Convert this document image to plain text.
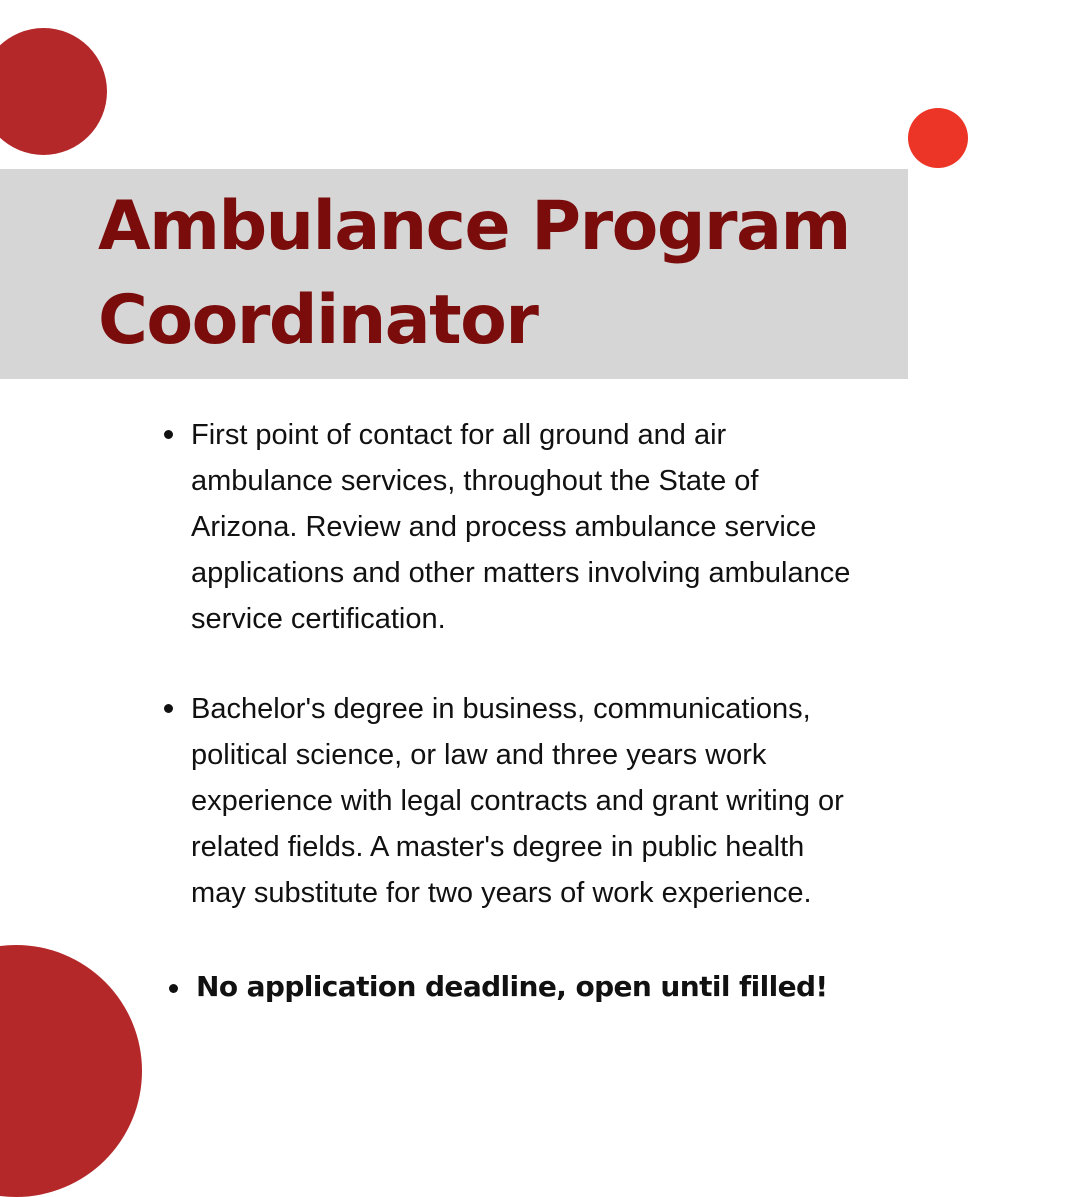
Ambulance Program
Coordinator
First point of contact for all ground and air
ambulance services, throughout the State of
Arizona. Review and process ambulance service
applications and other matters involving ambulance
service certification.
Bachelor's degree in business, communications,
political science, or law and three years work
experience with legal contracts and grant writing or
related fields. A master's degree in public health
may substitute for two years of work experience.
No application deadline, open until filled!
